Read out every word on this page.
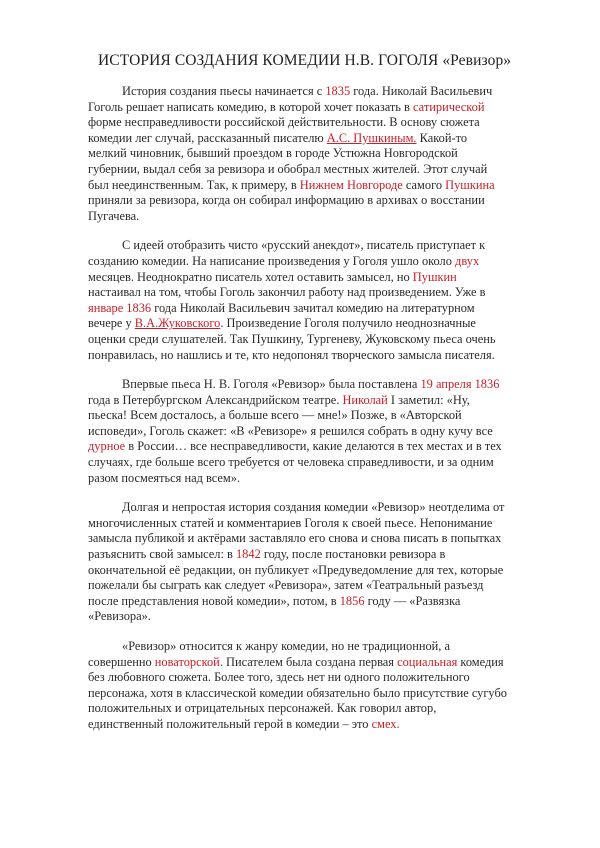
ИСТОРИЯ СОЗДАНИЯ КОМЕДИИ Н.В. ГОГОЛЯ «Ревизор»

История создания пьесы начинается с 1835 года. Николай Васильевич Гоголь решает написать комедию, в которой хочет показать в сатирической форме несправедливости российской действительности. В основу сюжета комедии лег случай, рассказанный писателю А.С. Пушкиным. Какой-то мелкий чиновник, бывший проездом в городе Устюжна Новгородской губернии, выдал себя за ревизора и обобрал местных жителей. Этот случай был неединственным. Так, к примеру, в Нижнем Новгороде самого Пушкина приняли за ревизора, когда он собирал информацию в архивах о восстании Пугачева.

С идеей отобразить чисто «русский анекдот», писатель приступает к созданию комедии. На написание произведения у Гоголя ушло около двух месяцев. Неоднократно писатель хотел оставить замысел, но Пушкин настаивал на том, чтобы Гоголь закончил работу над произведением. Уже в январе 1836 года Николай Васильевич зачитал комедию на литературном вечере у В.А.Жуковского. Произведение Гоголя получило неоднозначные оценки среди слушателей. Так Пушкину, Тургеневу, Жуковскому пьеса очень понравилась, но нашлись и те, кто недопонял творческого замысла писателя.

Впервые пьеса Н. В. Гоголя «Ревизор» была поставлена 19 апреля 1836 года в Петербургском Александрийском театре. Николай I заметил: «Ну, пьеска! Всем досталось, а больше всего — мне!» Позже, в «Авторской исповеди», Гоголь скажет: «В «Ревизоре» я решился собрать в одну кучу все дурное в России… все несправедливости, какие делаются в тех местах и в тех случаях, где больше всего требуется от человека справедливости, и за одним разом посмеяться над всем».

Долгая и непростая история создания комедии «Ревизор» неотделима от многочисленных статей и комментариев Гоголя к своей пьесе. Непонимание замысла публикой и актёрами заставляло его снова и снова писать в попытках разъяснить свой замысел: в 1842 году, после постановки ревизора в окончательной её редакции, он публикует «Предуведомление для тех, которые пожелали бы сыграть как следует «Ревизора», затем «Театральный разъезд после представления новой комедии», потом, в 1856 году — «Развязка «Ревизора».

«Ревизор» относится к жанру комедии, но не традиционной, а совершенно новаторской. Писателем была создана первая социальная комедия без любовного сюжета. Более того, здесь нет ни одного положительного персонажа, хотя в классической комедии обязательно было присутствие сугубо положительных и отрицательных персонажей. Как говорил автор, единственный положительный герой в комедии – это смех.
